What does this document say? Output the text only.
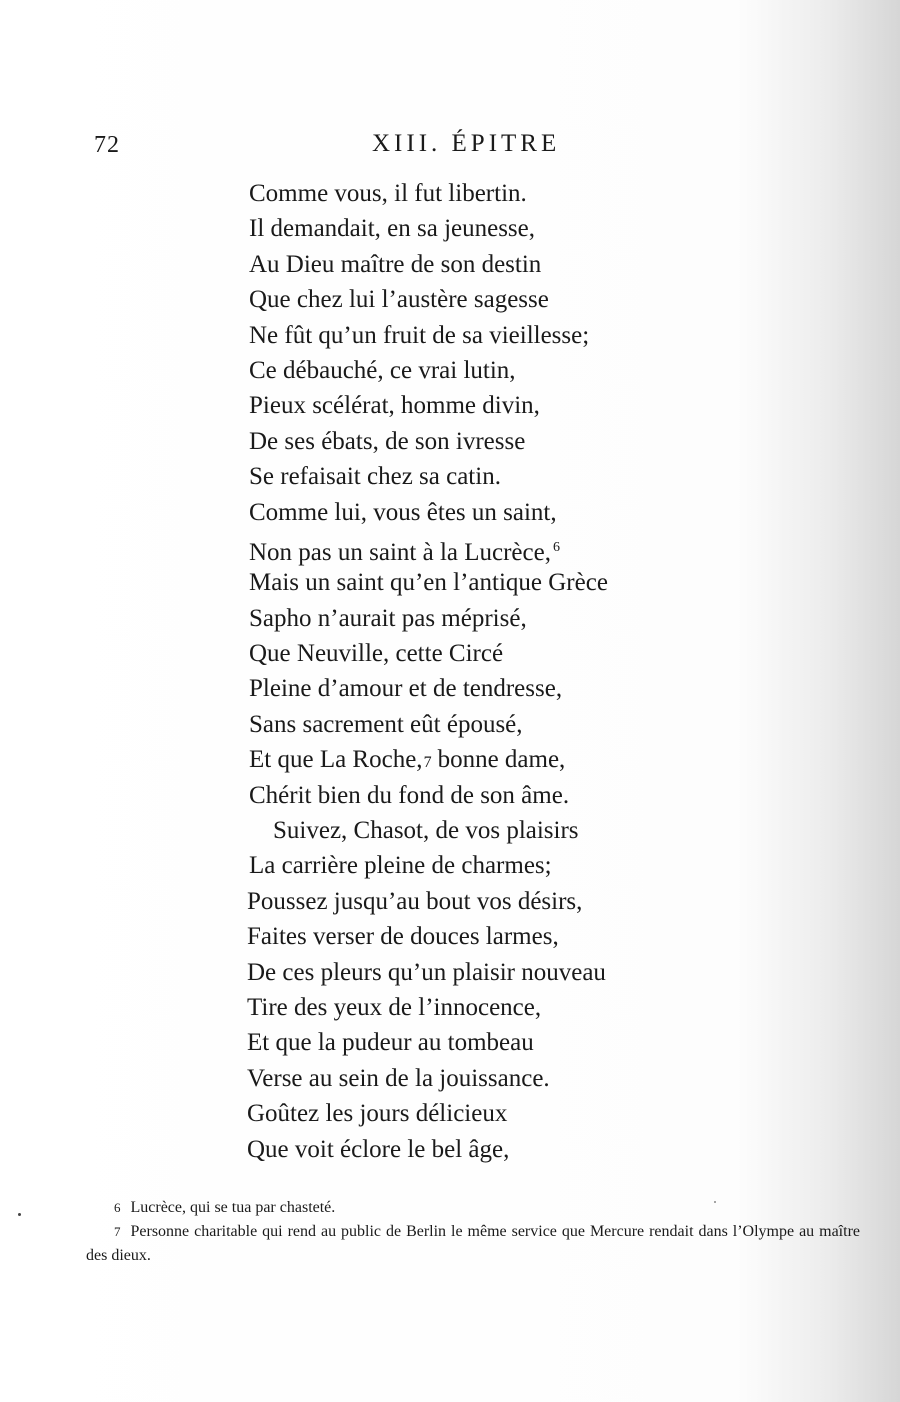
72	XIII. ÉPITRE
Comme vous, il fut libertin.
Il demandait, en sa jeunesse,
Au Dieu maître de son destin
Que chez lui l’austère sagesse
Ne fût qu’un fruit de sa vieillesse;
Ce débauché, ce vrai lutin,
Pieux scélérat, homme divin,
De ses ébats, de son ivresse
Se refaisait chez sa catin.
Comme lui, vous êtes un saint,
Non pas un saint à la Lucrèce, $^6$
Mais un saint qu’en l’antique Grèce
Sapho n’aurait pas méprisé,
Que Neuville, cette Circé
Pleine d’amour et de tendresse,
Sans sacrement eût épousé,
Et que La Roche,7 bonne dame,
Chérit bien du fond de son âme.
Suivez, Chasot, de vos plaisirs
La carrière pleine de charmes;
Poussez jusqu’au bout vos désirs,
Faites verser de douces larmes,
De ces pleurs qu’un plaisir nouveau
Tire des yeux de l’innocence,
Et que la pudeur au tombeau
Verse au sein de la jouissance.
Goûtez les jours délicieux
Que voit éclore le bel âge,

6 Lucrèce, qui se tua par chasteté.

7 Personne charitable qui rend au public de Berlin le même service que Mercure rendait dans l’Olympe au maître des dieux.
